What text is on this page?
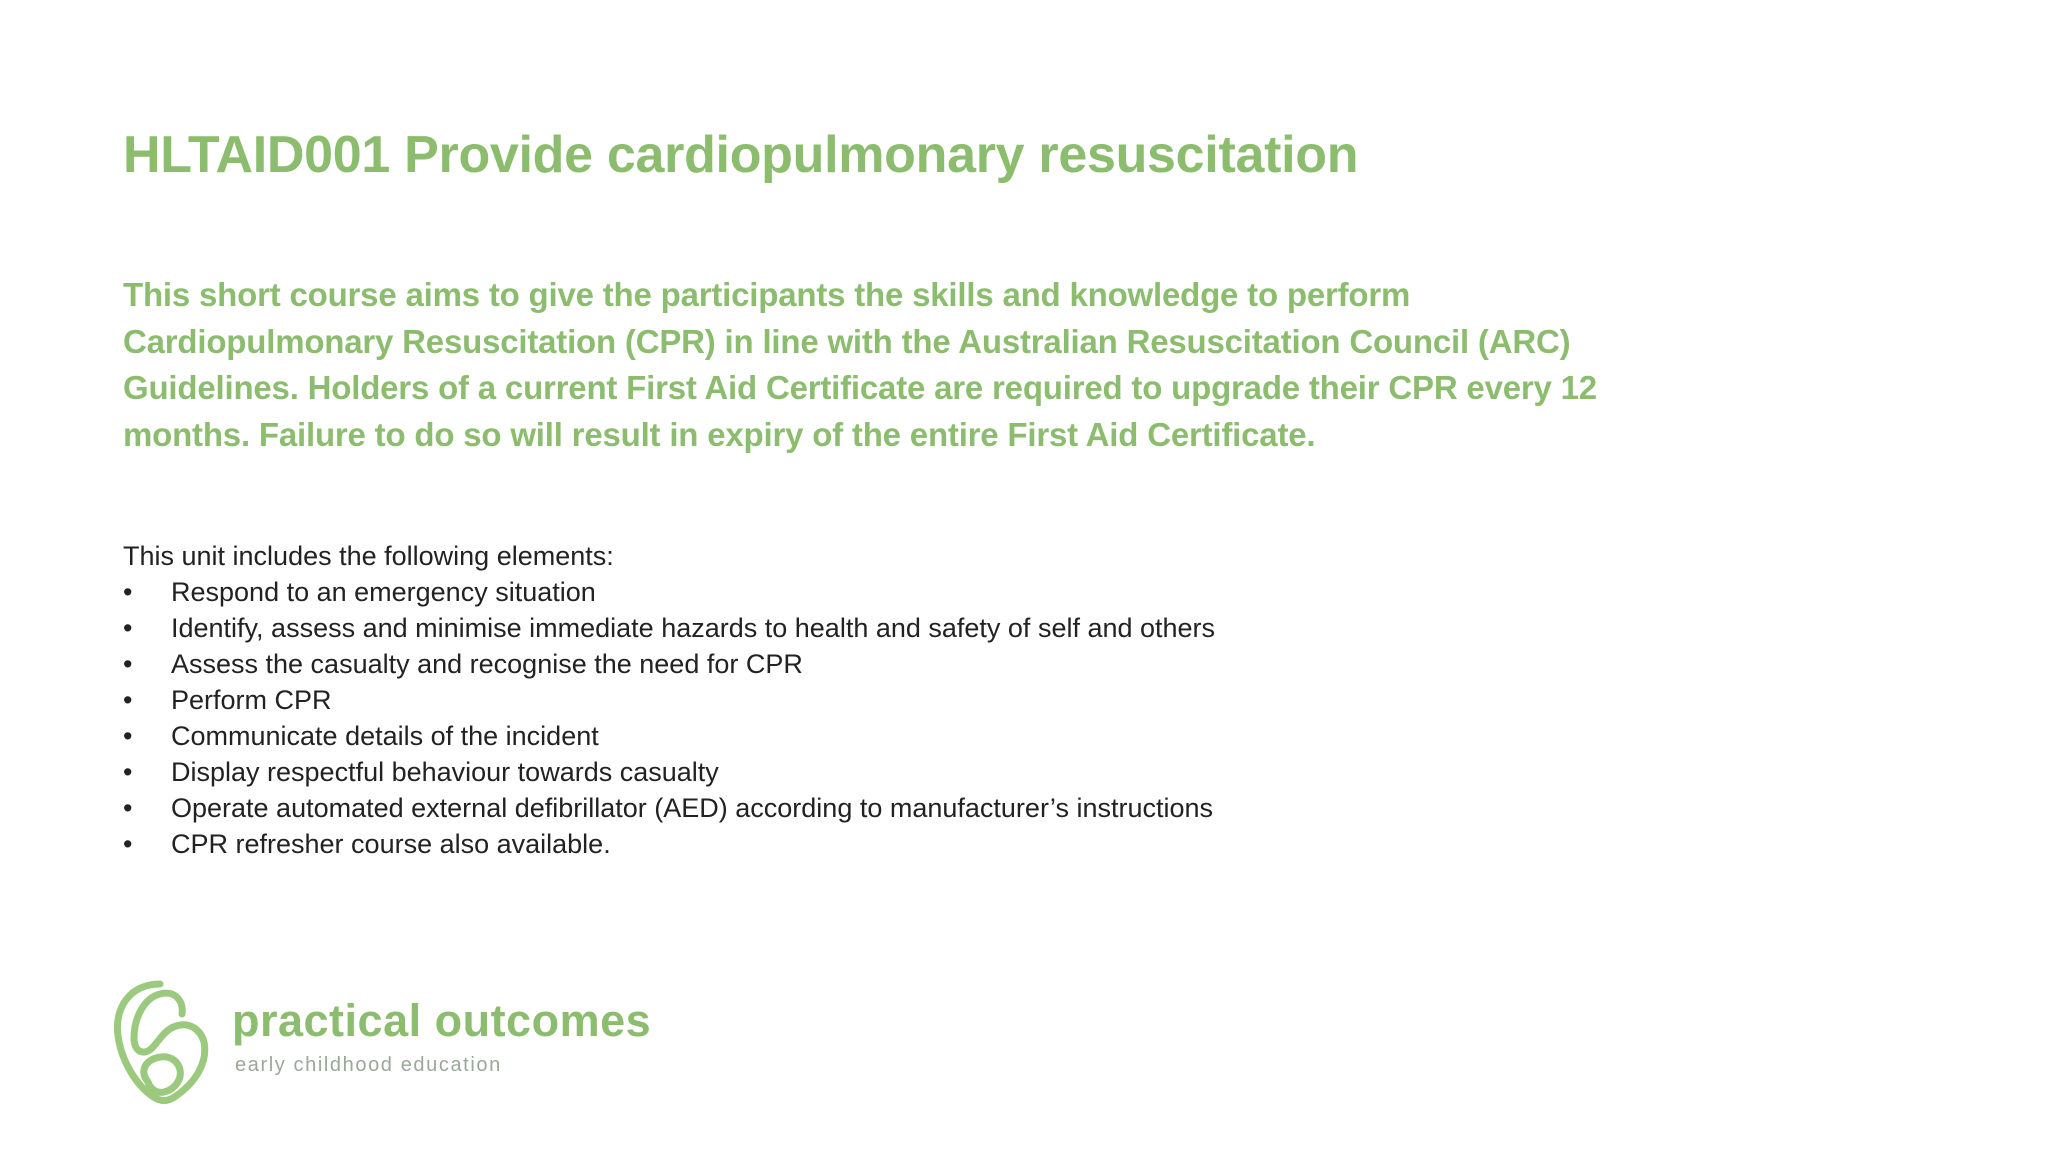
HLTAID001 Provide cardiopulmonary resuscitation

This short course aims to give the participants the skills and knowledge to perform Cardiopulmonary Resuscitation (CPR) in line with the Australian Resuscitation Council (ARC) Guidelines. Holders of a current First Aid Certificate are required to upgrade their CPR every 12 months. Failure to do so will result in expiry of the entire First Aid Certificate.

This unit includes the following elements:

• Respond to an emergency situation
• Identify, assess and minimise immediate hazards to health and safety of self and others
• Assess the casualty and recognise the need for CPR
• Perform CPR
• Communicate details of the incident
• Display respectful behaviour towards casualty
• Operate automated external defibrillator (AED) according to manufacturer’s instructions
• CPR refresher course also available.
practical outcomes
early childhood education
